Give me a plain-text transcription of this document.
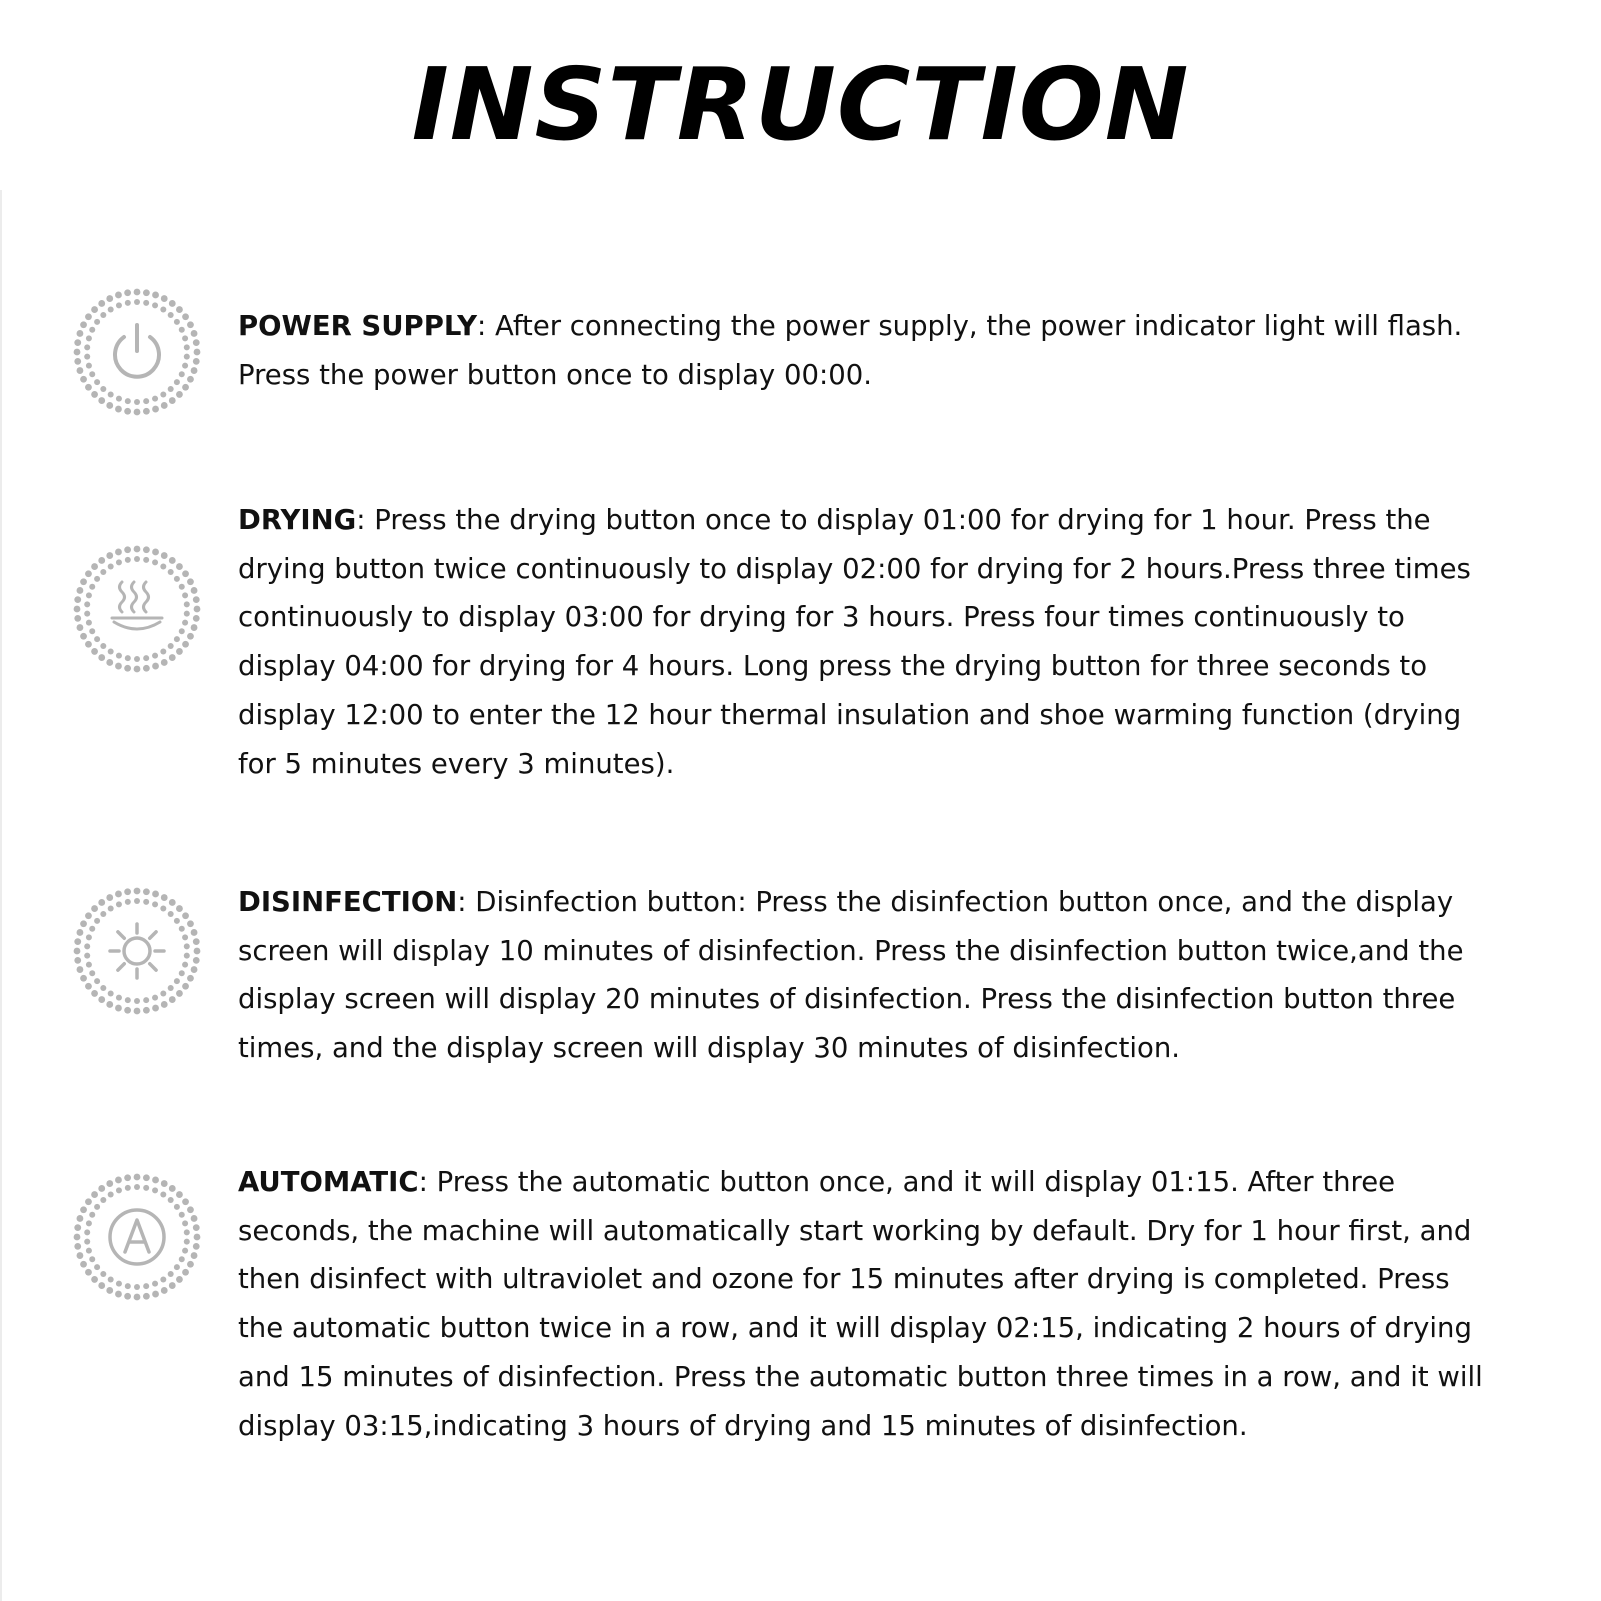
INSTRUCTION

POWER SUPPLY: After connecting the power supply, the power indicator light will flash. Press the power button once to display 00:00.

DRYING: Press the drying button once to display 01:00 for drying for 1 hour. Press the drying button twice continuously to display 02:00 for drying for 2 hours.Press three times continuously to display 03:00 for drying for 3 hours. Press four times continuously to display 04:00 for drying for 4 hours. Long press the drying button for three seconds to display 12:00 to enter the 12 hour thermal insulation and shoe warming function (drying for 5 minutes every 3 minutes).

DISINFECTION: Disinfection button: Press the disinfection button once, and the display screen will display 10 minutes of disinfection. Press the disinfection button twice,and the display screen will display 20 minutes of disinfection. Press the disinfection button three times, and the display screen will display 30 minutes of disinfection.

AUTOMATIC: Press the automatic button once, and it will display 01:15. After three seconds, the machine will automatically start working by default. Dry for 1 hour first, and then disinfect with ultraviolet and ozone for 15 minutes after drying is completed. Press the automatic button twice in a row, and it will display 02:15, indicating 2 hours of drying and 15 minutes of disinfection. Press the automatic button three times in a row, and it will display 03:15,indicating 3 hours of drying and 15 minutes of disinfection.
